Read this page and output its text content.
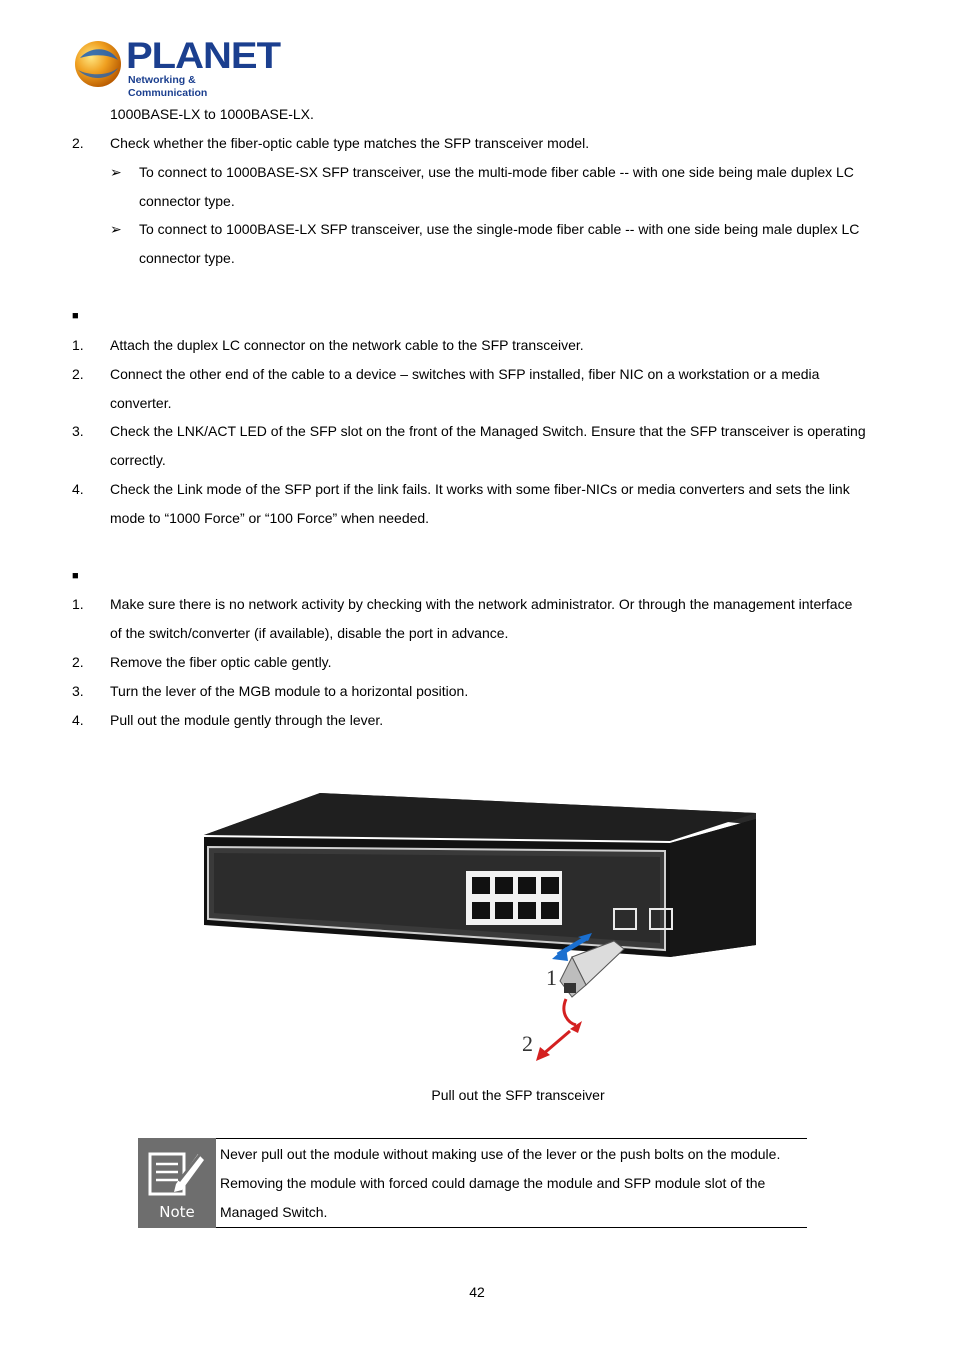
PLANET
Networking & Communication
1000BASE-LX to 1000BASE-LX.
2. Check whether the fiber-optic cable type matches the SFP transceiver model.
➢ To connect to 1000BASE-SX SFP transceiver, use the multi-mode fiber cable -- with one side being male duplex LC
connector type.
➢ To connect to 1000BASE-LX SFP transceiver, use the single-mode fiber cable -- with one side being male duplex LC
connector type.
■
1. Attach the duplex LC connector on the network cable to the SFP transceiver.
2. Connect the other end of the cable to a device – switches with SFP installed, fiber NIC on a workstation or a media
converter.
3. Check the LNK/ACT LED of the SFP slot on the front of the Managed Switch. Ensure that the SFP transceiver is operating
correctly.
4. Check the Link mode of the SFP port if the link fails. It works with some fiber-NICs or media converters and sets the link
mode to “1000 Force” or “100 Force” when needed.
■
1. Make sure there is no network activity by checking with the network administrator. Or through the management interface
of the switch/converter (if available), disable the port in advance.
2. Remove the fiber optic cable gently.
3. Turn the lever of the MGB module to a horizontal position.
4. Pull out the module gently through the lever.
1
2
Pull out the SFP transceiver
Note
Never pull out the module without making use of the lever or the push bolts on the module.
Removing the module with forced could damage the module and SFP module slot of the
Managed Switch.
42
